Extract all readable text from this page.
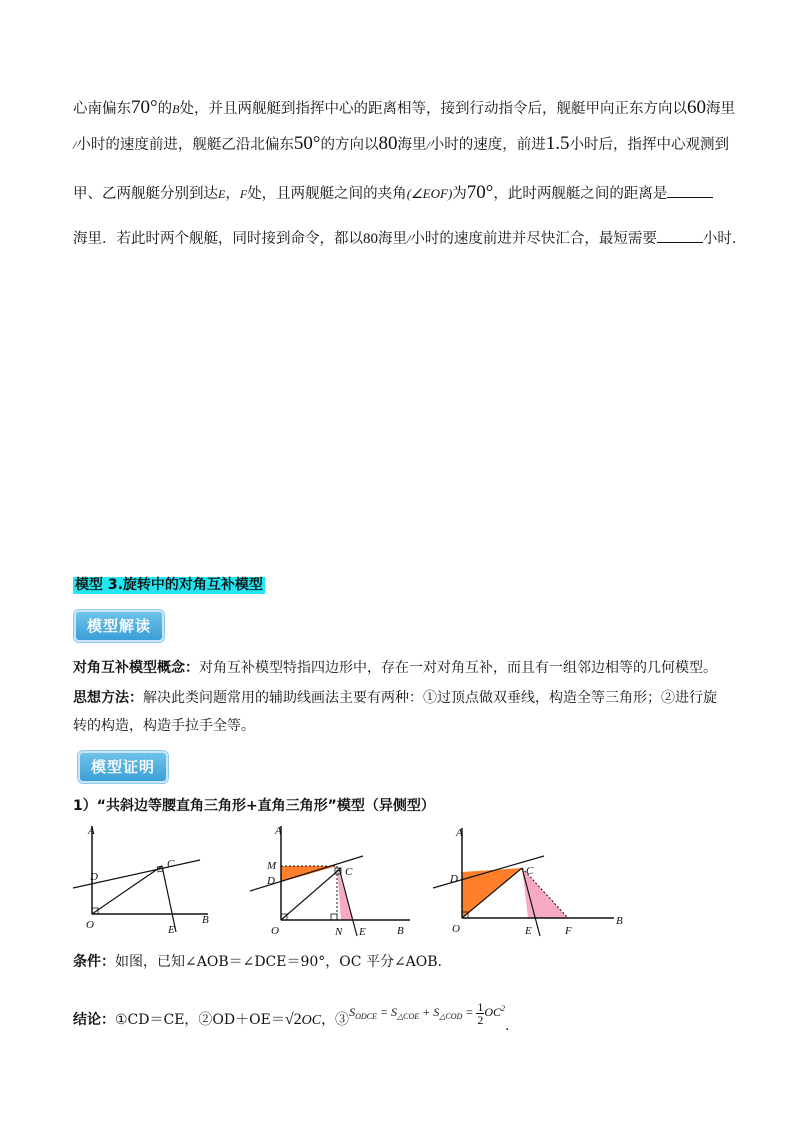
心南偏东70°的B处，并且两舰艇到指挥中心的距离相等，接到行动指令后，舰艇甲向正东方向以60海里
/小时的速度前进，舰艇乙沿北偏东50°的方向以80海里/小时的速度，前进1.5小时后，指挥中心观测到
甲、乙两舰艇分别到达E，F处，且两舰艇之间的夹角(∠EOF)为70°，此时两舰艇之间的距离是
海里．若此时两个舰艇，同时接到命令，都以80海里/小时的速度前进并尽快汇合，最短需要	小时．
模型 3.旋转中的对角互补模型
模型解读
对角互补模型概念：对角互补模型特指四边形中，存在一对对角互补，而且有一组邻边相等的几何模型。
思想方法：解决此类问题常用的辅助线画法主要有两种：①过顶点做双垂线，构造全等三角形；②进行旋
转的构造，构造手拉手全等。
模型证明
1）“共斜边等腰直角三角形+直角三角形”模型（异侧型）
A
D
C
O	E
B
A
M
D
C
O	N E	B
A
D
C
O	E	F
B
条件：如图，已知∠AOB＝∠DCE＝90°，OC 平分∠AOB.
结论：①CD＝CE，②OD＋OE＝√2OC，$③S_{ODCE} = S_{\triangle COE} + S_{\triangle COD} = \frac{1}{2} OC^2$.
